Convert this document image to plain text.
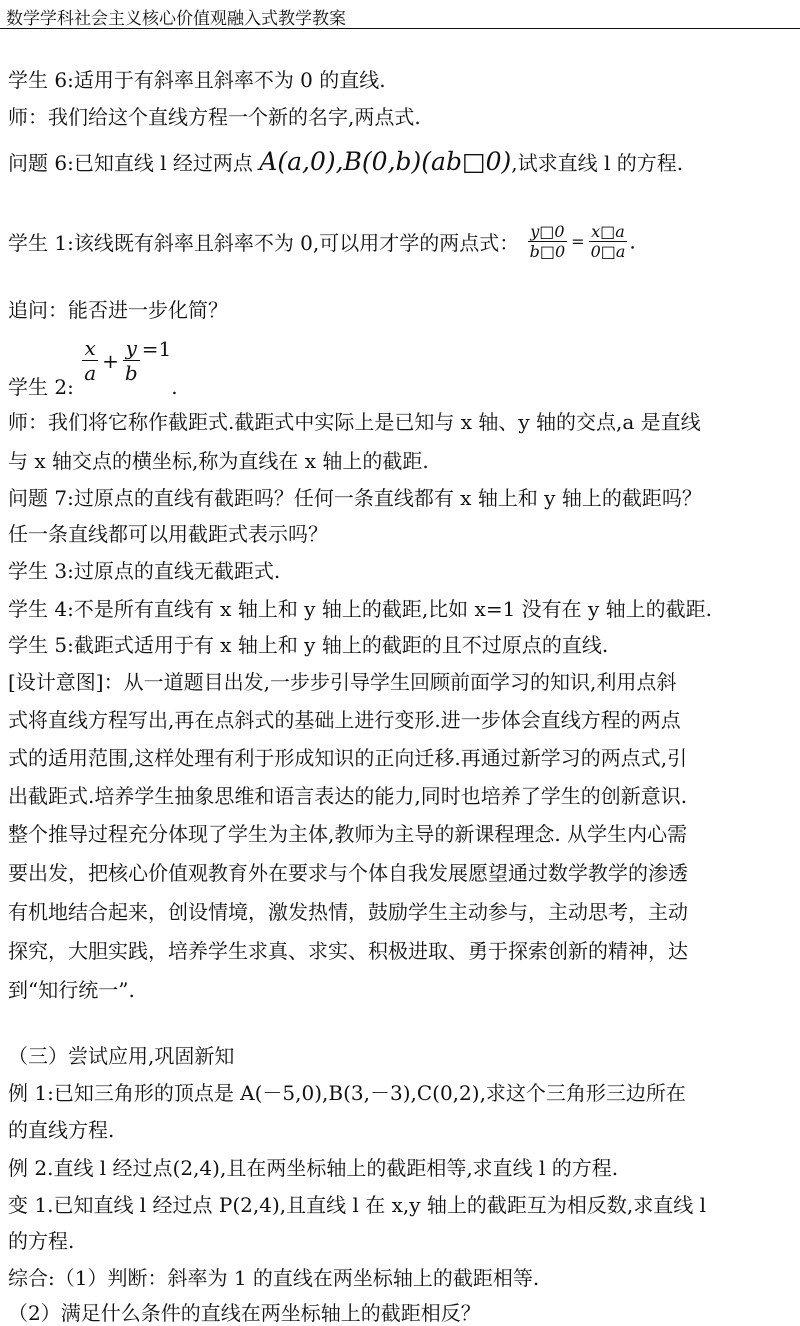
数学学科社会主义核心价值观融入式教学教案
学生 6:适用于有斜率且斜率不为 0 的直线.
师：我们给这个直线方程一个新的名字,两点式.
问题 6:已知直线 l 经过两点 A(a,0),B(0,b)(ab□0),试求直线 l 的方程.
学生 1:该线既有斜率且斜率不为 0,可以用才学的两点式： $\frac{y□0}{b□0} = \frac{x□a}{0□a}$ .
追问：能否进一步化简？
学生 2:
$\frac{x}{a} + \frac{y}{b} =1$.
师：我们将它称作截距式.截距式中实际上是已知与 x 轴、y 轴的交点,a 是直线
与 x 轴交点的横坐标,称为直线在 x 轴上的截距.
问题 7:过原点的直线有截距吗？任何一条直线都有 x 轴上和 y 轴上的截距吗？
任一条直线都可以用截距式表示吗？
学生 3:过原点的直线无截距式.
学生 4:不是所有直线有 x 轴上和 y 轴上的截距,比如 x=1 没有在 y 轴上的截距.
学生 5:截距式适用于有 x 轴上和 y 轴上的截距的且不过原点的直线.
[设计意图]：从一道题目出发,一步步引导学生回顾前面学习的知识,利用点斜
式将直线方程写出,再在点斜式的基础上进行变形.进一步体会直线方程的两点
式的适用范围,这样处理有利于形成知识的正向迁移.再通过新学习的两点式,引
出截距式.培养学生抽象思维和语言表达的能力,同时也培养了学生的创新意识.
整个推导过程充分体现了学生为主体,教师为主导的新课程理念. 从学生内心需
要出发，把核心价值观教育外在要求与个体自我发展愿望通过数学教学的渗透
有机地结合起来，创设情境，激发热情，鼓励学生主动参与，主动思考，主动
探究，大胆实践，培养学生求真、求实、积极进取、勇于探索创新的精神，达
到“知行统一”.
（三）尝试应用,巩固新知
例 1:已知三角形的顶点是 A(－5,0),B(3,－3),C(0,2),求这个三角形三边所在
的直线方程.
例 2.直线 l 经过点(2,4),且在两坐标轴上的截距相等,求直线 l 的方程.
变 1.已知直线 l 经过点 P(2,4),且直线 l 在 x,y 轴上的截距互为相反数,求直线 l
的方程.
综合:（1）判断：斜率为 1 的直线在两坐标轴上的截距相等.
（2）满足什么条件的直线在两坐标轴上的截距相反？
